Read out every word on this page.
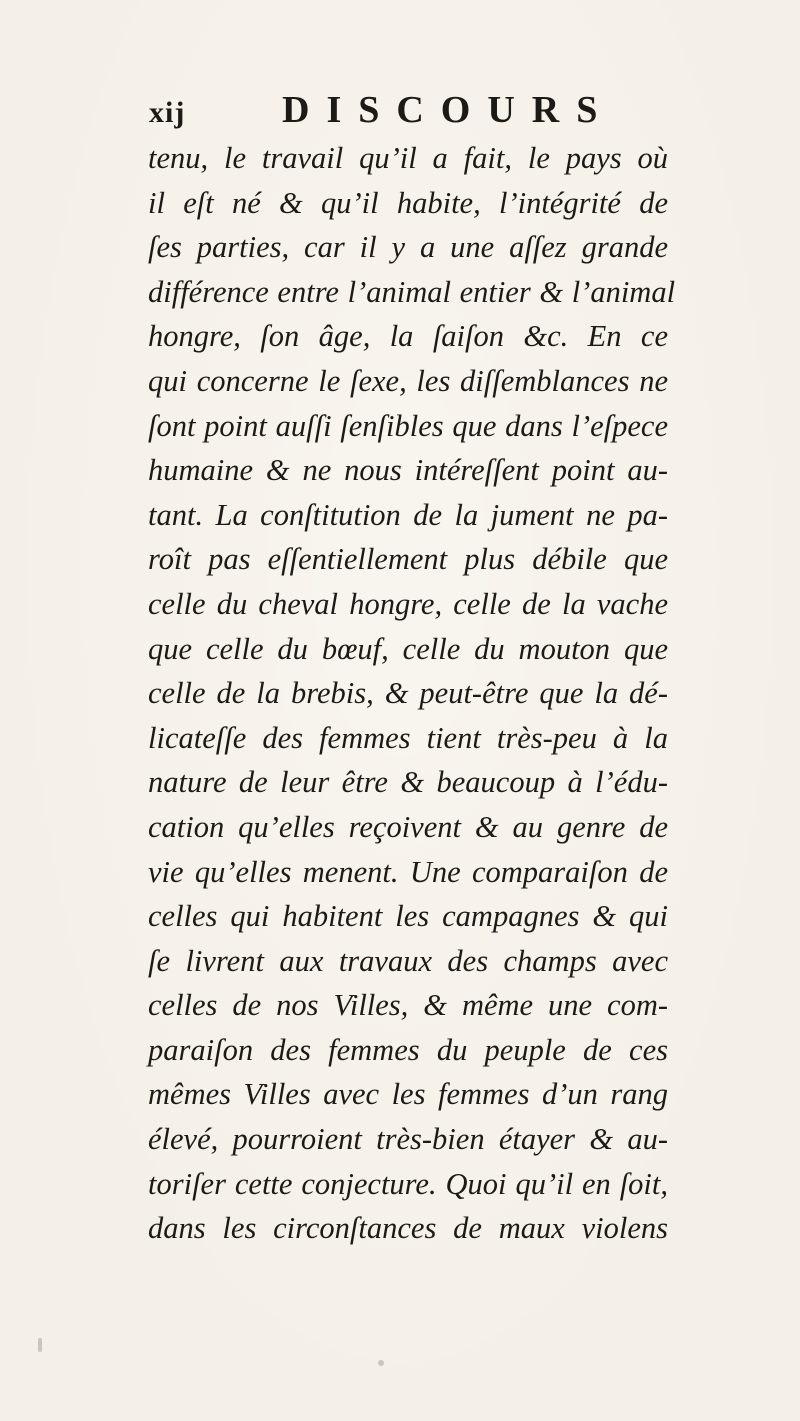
xij	DISCOURS
tenu, le travail qu’il a fait, le pays où
il eſt né & qu’il habite, l’intégrité de
ſes parties, car il y a une aſſez grande
différence entre l’animal entier & l’animal
hongre, ſon âge, la ſaiſon &c. En ce
qui concerne le ſexe, les diſſemblances ne
ſont point auſſi ſenſibles que dans l’eſpece
humaine & ne nous intéreſſent point au-
tant. La conſtitution de la jument ne pa-
roît pas eſſentiellement plus débile que
celle du cheval hongre, celle de la vache
que celle du bœuf, celle du mouton que
celle de la brebis, & peut-être que la dé-
licateſſe des femmes tient très-peu à la
nature de leur être & beaucoup à l’édu-
cation qu’elles reçoivent & au genre de
vie qu’elles menent. Une comparaiſon de
celles qui habitent les campagnes & qui
ſe livrent aux travaux des champs avec
celles de nos Villes, & même une com-
paraiſon des femmes du peuple de ces
mêmes Villes avec les femmes d’un rang
élevé, pourroient très-bien étayer & au-
toriſer cette conjecture. Quoi qu’il en ſoit,
dans les circonſtances de maux violens
